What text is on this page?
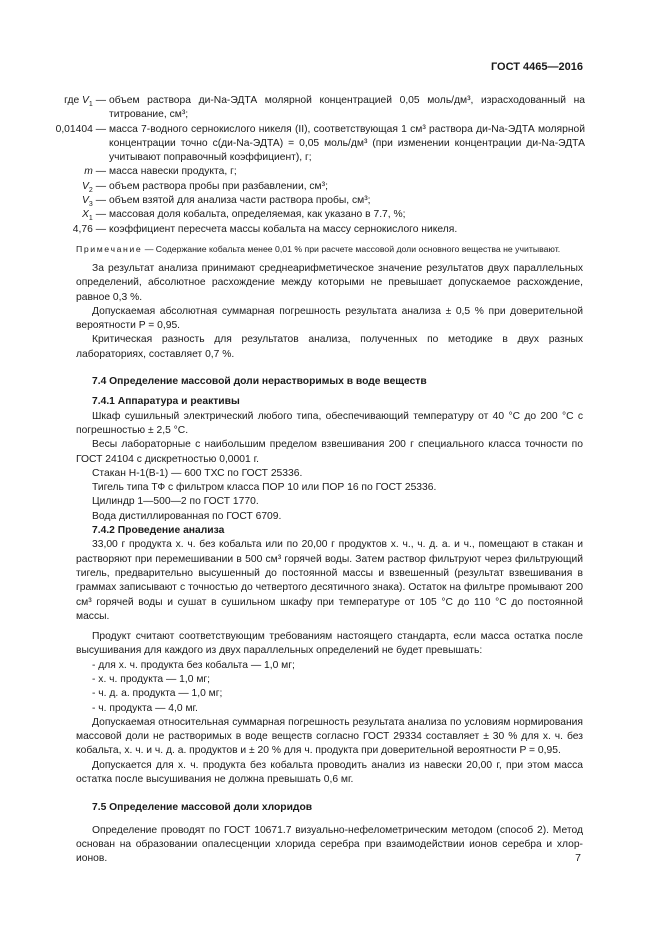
ГОСТ 4465—2016
где $V_1$ — объем раствора ди-Na-ЭДТА молярной концентрацией 0,05 моль/дм³, израсходованный на титрование, см³;
0,01404 — масса 7-водного сернокислого никеля (II), соответствующая 1 см³ раствора ди-Na-ЭДТА молярной концентрации точно с(ди-Na-ЭДТА) = 0,05 моль/дм³ (при изменении концентрации ди-Na-ЭДТА учитывают поправочный коэффициент), г;
m — масса навески продукта, г;
$V_2$ — объем раствора пробы при разбавлении, см³;
$V_3$ — объем взятой для анализа части раствора пробы, см³;
$X_1$ — массовая доля кобальта, определяемая, как указано в 7.7, %;
4,76 — коэффициент пересчета массы кобальта на массу сернокислого никеля.
Примечание — Содержание кобальта менее 0,01 % при расчете массовой доли основного вещества не учитывают.

За результат анализа принимают среднеарифметическое значение результатов двух параллельных определений, абсолютное расхождение между которыми не превышает допускаемое расхождение, равное 0,3 %.

Допускаемая абсолютная суммарная погрешность результата анализа ± 0,5 % при доверительной вероятности P = 0,95.

Критическая разность для результатов анализа, полученных по методике в двух разных лабораториях, составляет 0,7 %.

7.4 Определение массовой доли нерастворимых в воде веществ
7.4.1 Аппаратура и реактивы

Шкаф сушильный электрический любого типа, обеспечивающий температуру от 40 °С до 200 °С с погрешностью ± 2,5 °С.

Весы лабораторные с наибольшим пределом взвешивания 200 г специального класса точности по ГОСТ 24104 с дискретностью 0,0001 г.

Стакан Н-1(В-1) — 600 ТХС по ГОСТ 25336.

Тигель типа ТФ с фильтром класса ПОР 10 или ПОР 16 по ГОСТ 25336.

Цилиндр 1—500—2 по ГОСТ 1770.

Вода дистиллированная по ГОСТ 6709.

7.4.2 Проведение анализа

33,00 г продукта х. ч. без кобальта или по 20,00 г продуктов х. ч., ч. д. а. и ч., помещают в стакан и растворяют при перемешивании в 500 см³ горячей воды. Затем раствор фильтруют через фильтрующий тигель, предварительно высушенный до постоянной массы и взвешенный (результат взвешивания в граммах записывают с точностью до четвертого десятичного знака). Остаток на фильтре промывают 200 см³ горячей воды и сушат в сушильном шкафу при температуре от 105 °С до 110 °С до постоянной массы.

Продукт считают соответствующим требованиям настоящего стандарта, если масса остатка после высушивания для каждого из двух параллельных определений не будет превышать:

- для х. ч. продукта без кобальта — 1,0 мг;
- х. ч. продукта — 1,0 мг;
- ч. д. а. продукта — 1,0 мг;
- ч. продукта — 4,0 мг.

Допускаемая относительная суммарная погрешность результата анализа по условиям нормирования массовой доли не растворимых в воде веществ согласно ГОСТ 29334 составляет ± 30 % для х. ч. без кобальта, х. ч. и ч. д. а. продуктов и ± 20 % для ч. продукта при доверительной вероятности P = 0,95.

Допускается для х. ч. продукта без кобальта проводить анализ из навески 20,00 г, при этом масса остатка после высушивания не должна превышать 0,6 мг.

7.5 Определение массовой доли хлоридов

Определение проводят по ГОСТ 10671.7 визуально-нефелометрическим методом (способ 2). Метод основан на образовании опалесценции хлорида серебра при взаимодействии ионов серебра и хлор-ионов.	7
